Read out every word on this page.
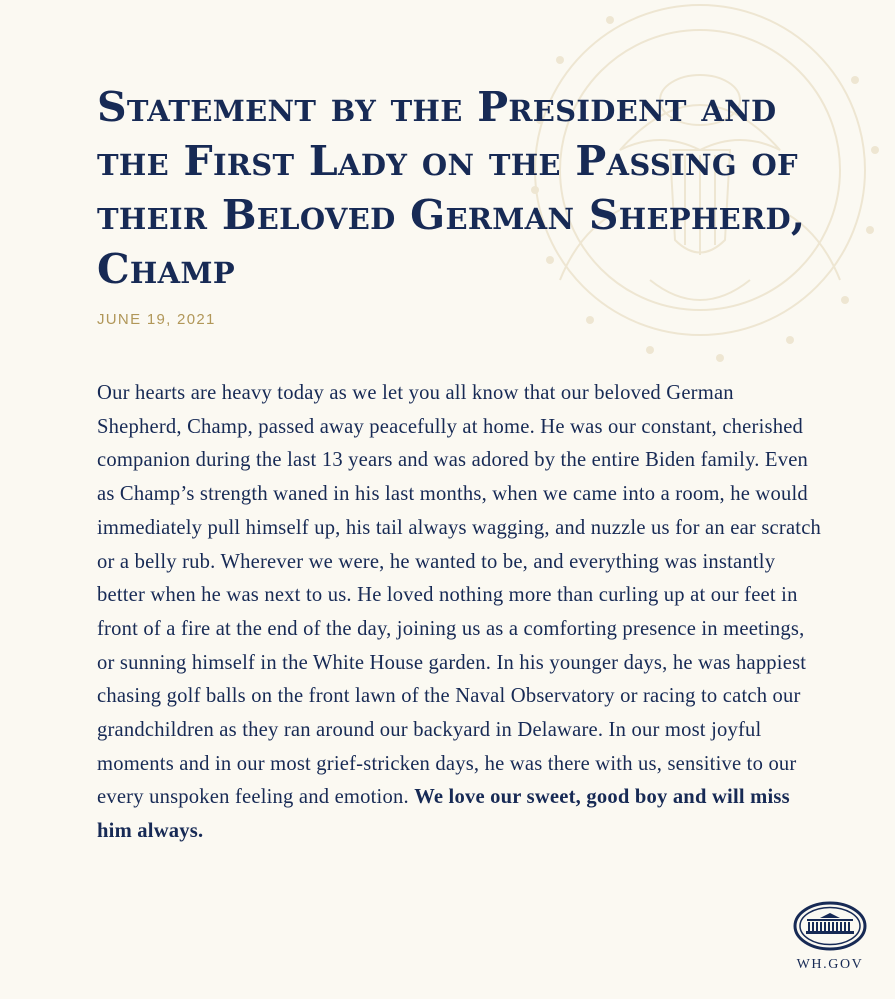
Statement by the President and the First Lady on the Passing of their Beloved German Shepherd, Champ
JUNE 19, 2021

Our hearts are heavy today as we let you all know that our beloved German Shepherd, Champ, passed away peacefully at home. He was our constant, cherished companion during the last 13 years and was adored by the entire Biden family. Even as Champ’s strength waned in his last months, when we came into a room, he would immediately pull himself up, his tail always wagging, and nuzzle us for an ear scratch or a belly rub. Wherever we were, he wanted to be, and everything was instantly better when he was next to us. He loved nothing more than curling up at our feet in front of a fire at the end of the day, joining us as a comforting presence in meetings, or sunning himself in the White House garden. In his younger days, he was happiest chasing golf balls on the front lawn of the Naval Observatory or racing to catch our grandchildren as they ran around our backyard in Delaware. In our most joyful moments and in our most grief-stricken days, he was there with us, sensitive to our every unspoken feeling and emotion. We love our sweet, good boy and will miss him always.

WH.GOV
